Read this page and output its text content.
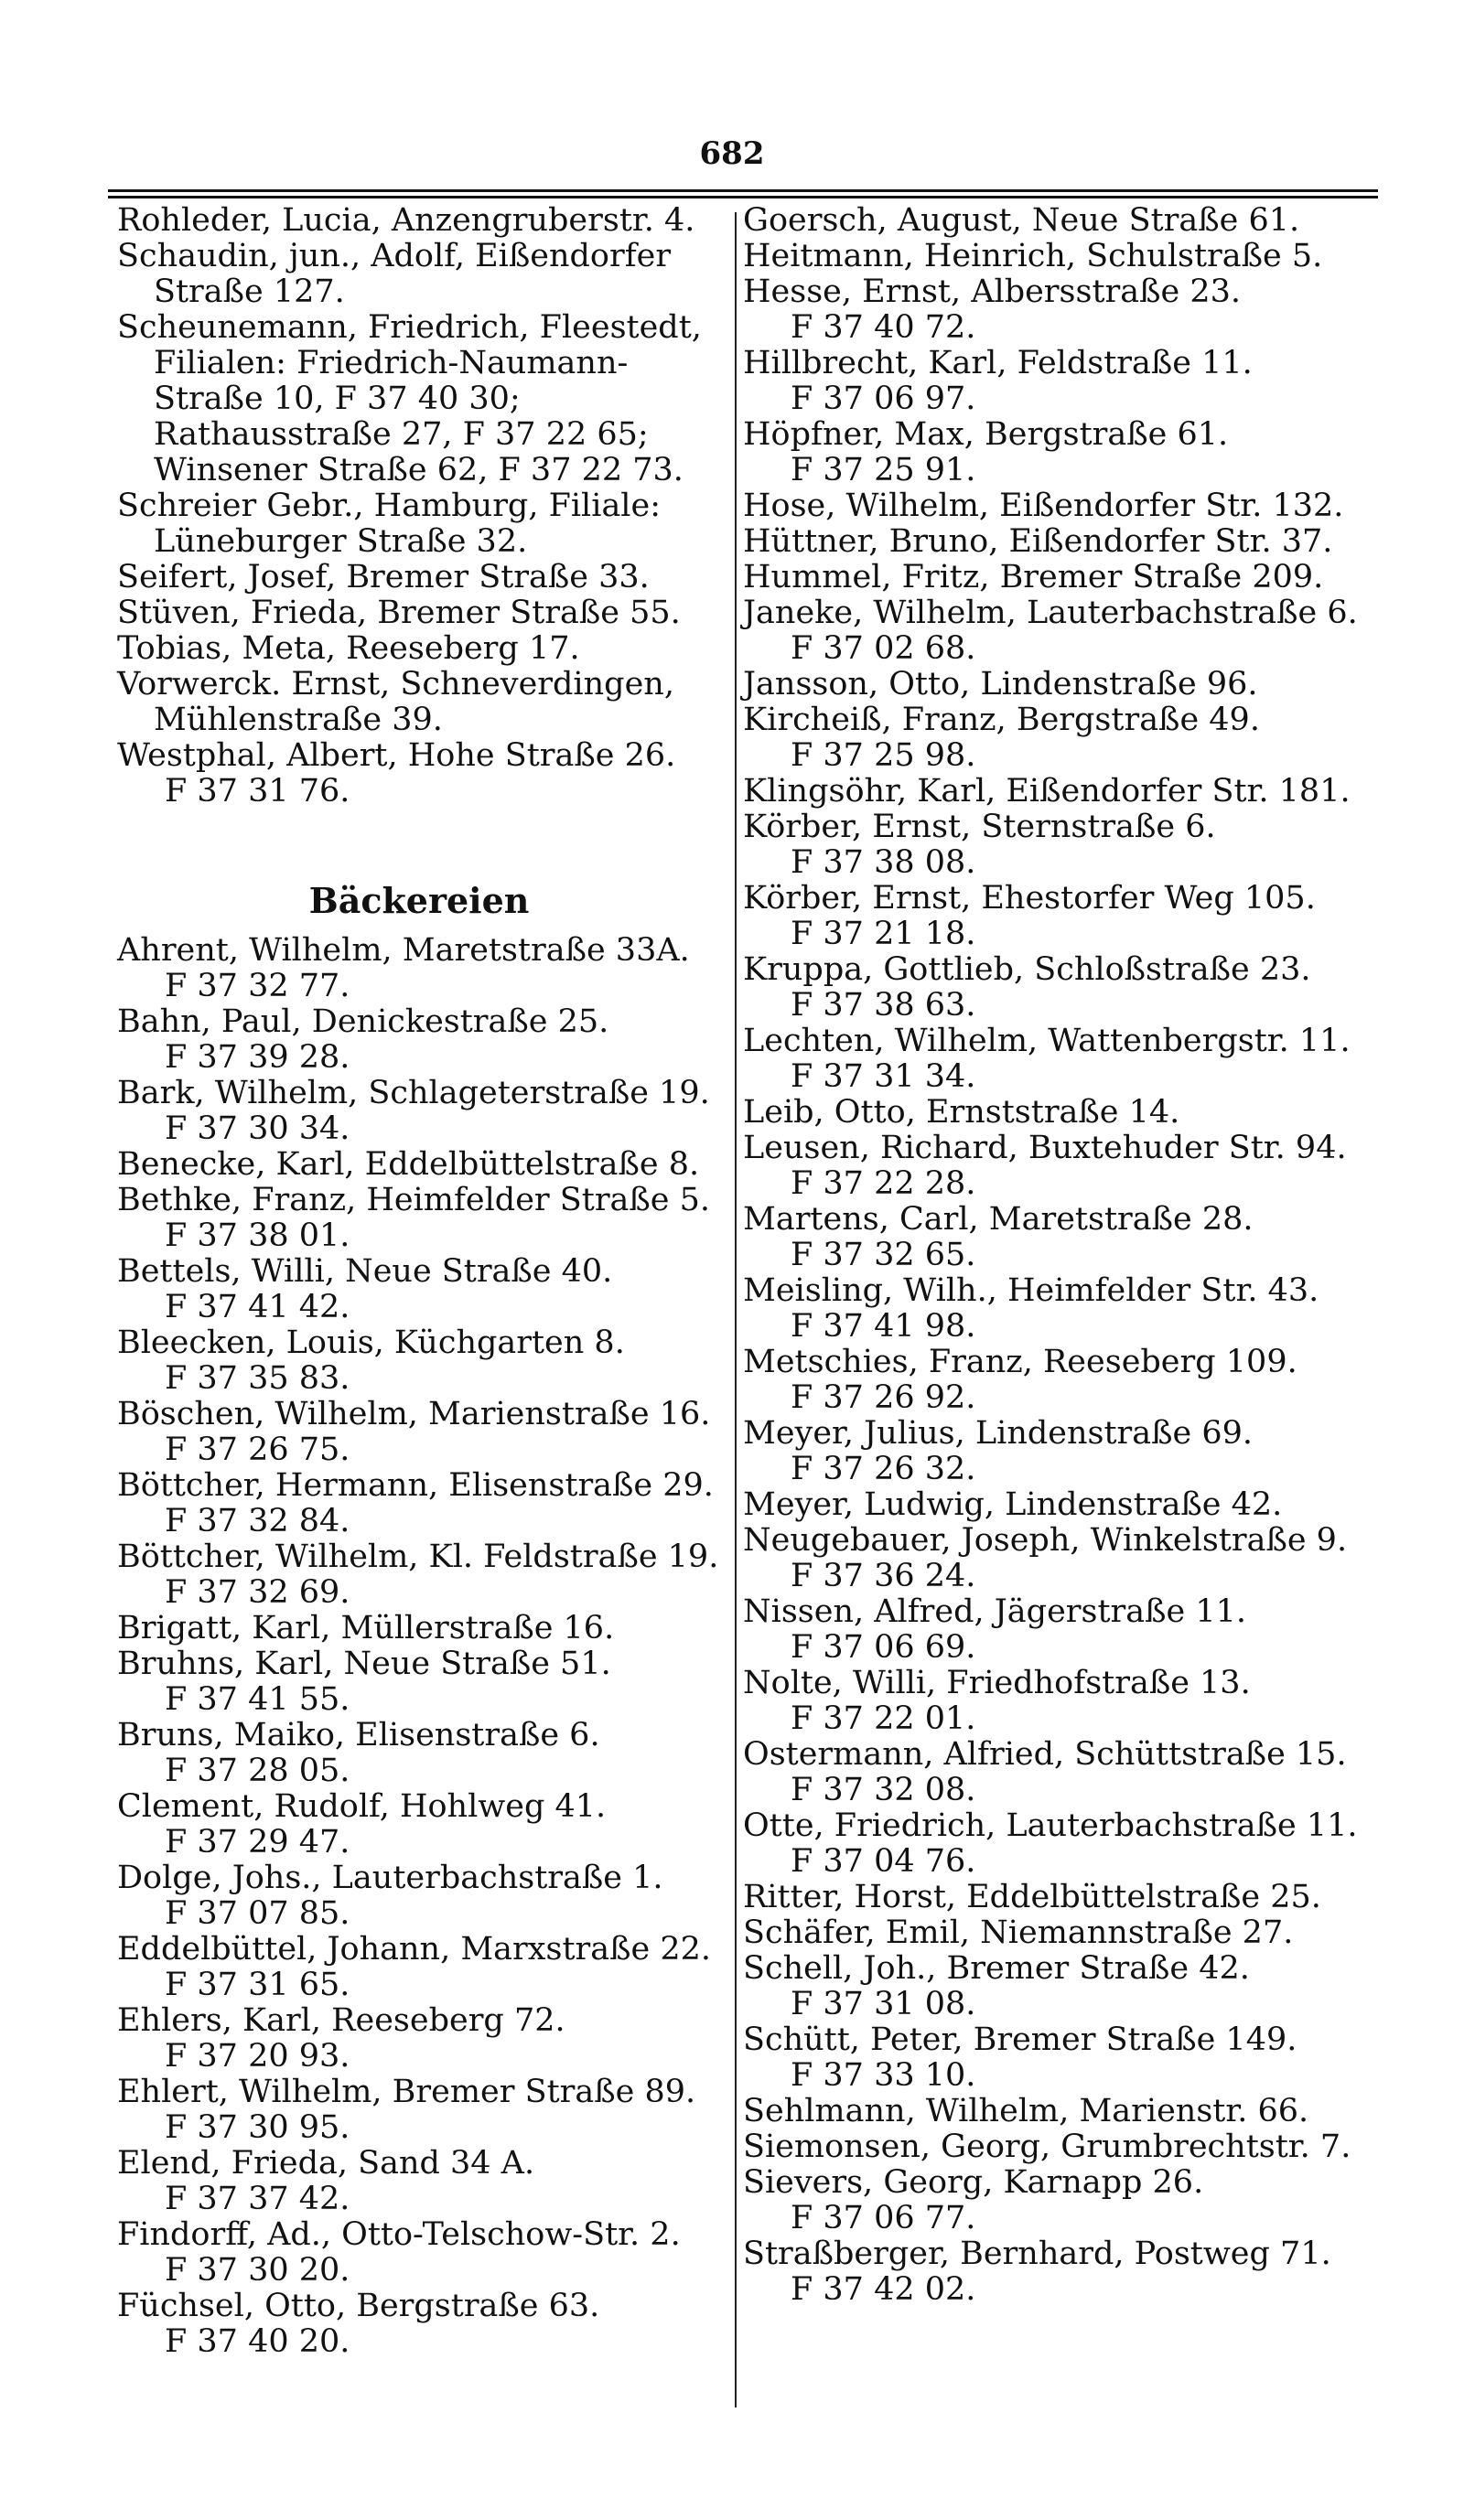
682
Rohleder, Lucia, Anzengruberstr. 4.
Schaudin, jun., Adolf, Eißendorfer Straße 127.
Scheunemann, Friedrich, Fleestedt, Filialen: Friedrich-Naumann-Straße 10, F 37 40 30; Rathausstraße 27, F 37 22 65; Winsener Straße 62, F 37 22 73.
Schreier Gebr., Hamburg, Filiale: Lüneburger Straße 32.
Seifert, Josef, Bremer Straße 33.
Stüven, Frieda, Bremer Straße 55.
Tobias, Meta, Reeseberg 17.
Vorwerck. Ernst, Schneverdingen, Mühlenstraße 39.
Westphal, Albert, Hohe Straße 26.
F 37 31 76.
Bäckereien
Ahrent, Wilhelm, Maretstraße 33A.
F 37 32 77.
Bahn, Paul, Denickestraße 25.
F 37 39 28.
Bark, Wilhelm, Schlageterstraße 19.
F 37 30 34.
Benecke, Karl, Eddelbüttelstraße 8.
Bethke, Franz, Heimfelder Straße 5.
F 37 38 01.
Bettels, Willi, Neue Straße 40.
F 37 41 42.
Bleecken, Louis, Küchgarten 8.
F 37 35 83.
Böschen, Wilhelm, Marienstraße 16.
F 37 26 75.
Böttcher, Hermann, Elisenstraße 29.
F 37 32 84.
Böttcher, Wilhelm, Kl. Feldstraße 19.
F 37 32 69.
Brigatt, Karl, Müllerstraße 16.
Bruhns, Karl, Neue Straße 51.
F 37 41 55.
Bruns, Maiko, Elisenstraße 6.
F 37 28 05.
Clement, Rudolf, Hohlweg 41.
F 37 29 47.
Dolge, Johs., Lauterbachstraße 1.
F 37 07 85.
Eddelbüttel, Johann, Marxstraße 22.
F 37 31 65.
Ehlers, Karl, Reeseberg 72.
F 37 20 93.
Ehlert, Wilhelm, Bremer Straße 89.
F 37 30 95.
Elend, Frieda, Sand 34 A.
F 37 37 42.
Findorff, Ad., Otto-Telschow-Str. 2.
F 37 30 20.
Füchsel, Otto, Bergstraße 63.
F 37 40 20.
Goersch, August, Neue Straße 61.
Heitmann, Heinrich, Schulstraße 5.
Hesse, Ernst, Albersstraße 23.
F 37 40 72.
Hillbrecht, Karl, Feldstraße 11.
F 37 06 97.
Höpfner, Max, Bergstraße 61.
F 37 25 91.
Hose, Wilhelm, Eißendorfer Str. 132.
Hüttner, Bruno, Eißendorfer Str. 37.
Hummel, Fritz, Bremer Straße 209.
Janeke, Wilhelm, Lauterbachstraße 6.
F 37 02 68.
Jansson, Otto, Lindenstraße 96.
Kircheiß, Franz, Bergstraße 49.
F 37 25 98.
Klingsöhr, Karl, Eißendorfer Str. 181.
Körber, Ernst, Sternstraße 6.
F 37 38 08.
Körber, Ernst, Ehestorfer Weg 105.
F 37 21 18.
Kruppa, Gottlieb, Schloßstraße 23.
F 37 38 63.
Lechten, Wilhelm, Wattenbergstr. 11.
F 37 31 34.
Leib, Otto, Ernststraße 14.
Leusen, Richard, Buxtehuder Str. 94.
F 37 22 28.
Martens, Carl, Maretstraße 28.
F 37 32 65.
Meisling, Wilh., Heimfelder Str. 43.
F 37 41 98.
Metschies, Franz, Reeseberg 109.
F 37 26 92.
Meyer, Julius, Lindenstraße 69.
F 37 26 32.
Meyer, Ludwig, Lindenstraße 42.
Neugebauer, Joseph, Winkelstraße 9.
F 37 36 24.
Nissen, Alfred, Jägerstraße 11.
F 37 06 69.
Nolte, Willi, Friedhofstraße 13.
F 37 22 01.
Ostermann, Alfried, Schüttstraße 15.
F 37 32 08.
Otte, Friedrich, Lauterbachstraße 11.
F 37 04 76.
Ritter, Horst, Eddelbüttelstraße 25.
Schäfer, Emil, Niemannstraße 27.
Schell, Joh., Bremer Straße 42.
F 37 31 08.
Schütt, Peter, Bremer Straße 149.
F 37 33 10.
Sehlmann, Wilhelm, Marienstr. 66.
Siemonsen, Georg, Grumbrechtstr. 7.
Sievers, Georg, Karnapp 26.
F 37 06 77.
Straßberger, Bernhard, Postweg 71.
F 37 42 02.
